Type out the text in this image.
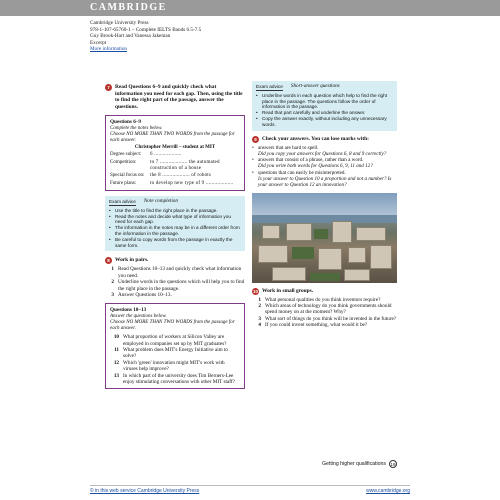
CAMBRIDGE
Cambridge University Press
978-1-107-65760-1 – Complete IELTS Bands 6.5-7.5
Guy Brook-Hart and Vanessa Jakeman
Excerpt
More information
7 Read Questions 6–9 and quickly check what information you need for each gap. Then, using the title to find the right part of the passage, answer the questions.
Questions 6–9
Complete the notes below.
Choose NO MORE THAN TWO WORDS from the passage for each answer.
Christopher Merrill – student at MIT
Degree subject:	6 ...................
Competition:	to 7 ................... the automated construction of a house
Special focus on:	the 8 ................... of robots
Future plans:	to develop new type of 9 ...................
Exam advice Note completion
• Use the title to find the right place in the passage.
• Read the notes and decide what type of information you need for each gap.
• The information in the notes may be in a different order from the information in the passage.
• Be careful to copy words from the passage in exactly the same form.
8 Work in pairs.
1 Read Questions 10–13 and quickly check what information you need.
2 Underline words in the questions which will help you to find the right place in the passage.
3 Answer Questions 10–13.
Questions 10–13
Answer the questions below.
Choose NO MORE THAN TWO WORDS from the passage for each answer.
10 What proportion of workers at Silicon Valley are employed in companies set up by MIT graduates?
11 What problem does MIT's Energy Initiative aim to solve?
12 Which 'green' innovation might MIT's work with viruses help improve?
13 In which part of the university does Tim Berners-Lee enjoy stimulating conversations with other MIT staff?
Exam advice Short-answer questions
• Underline words in each question which help to find the right place in the passage. The questions follow the order of information in the passage.
• Read that part carefully and underline the answer.
• Copy the answer exactly, without including any unnecessary words.
9 Check your answers. You can lose marks with:
• answers that are hard to spell.
Did you copy your answers for Questions 6, 8 and 9 correctly?
• answers that consist of a phrase, rather than a word.
Did you write both words for Questions 6, 9, 11 and 12?
• questions that can easily be misinterpreted.
Is your answer to Question 10 a proportion and not a number? Is your answer to Question 12 an innovation?
10 Work in small groups.
1 What personal qualities do you think inventors require?
2 Which areas of technology do you think governments should spend money on at the moment? Why?
3 What sort of things do you think will be invented in the future?
4 If you could invent something, what would it be?
Getting higher qualifications 19
© in this web service Cambridge University Press	www.cambridge.org
